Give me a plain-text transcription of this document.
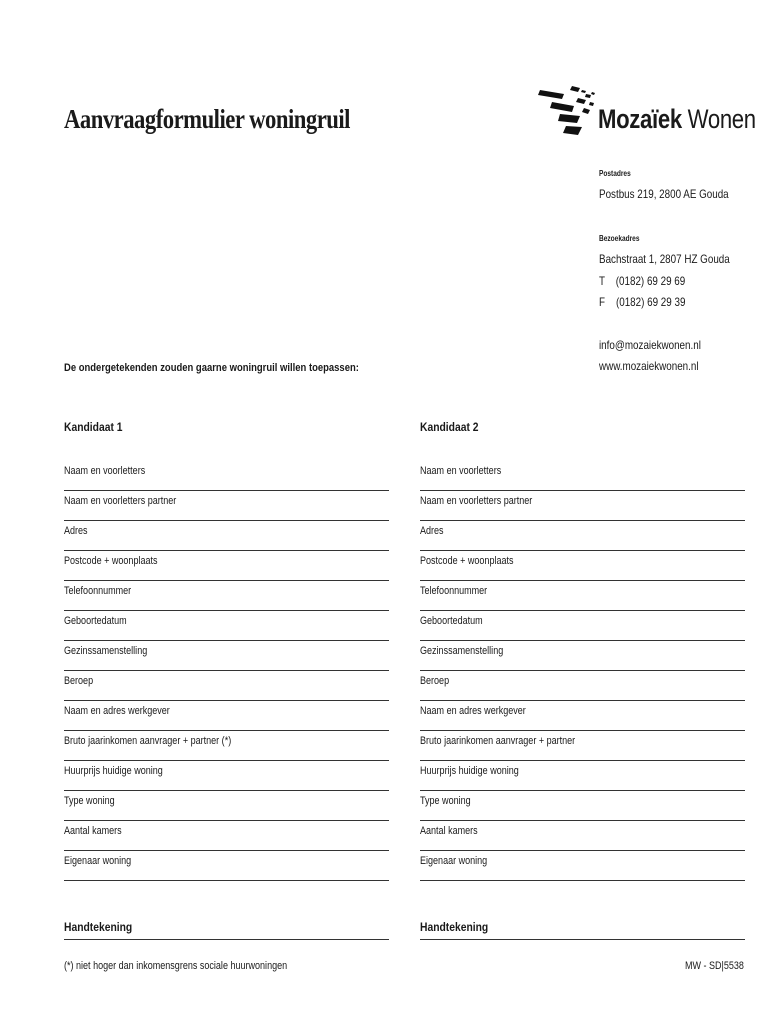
Aanvraagformulier woningruil	Mozaïek Wonen
Postadres
Postbus 219, 2800 AE Gouda
Bezoekadres
Bachstraat 1, 2807 HZ Gouda
T    (0182) 69 29 69
F    (0182) 69 29 39
info@mozaiekwonen.nl
www.mozaiekwonen.nl
De ondergetekenden zouden gaarne woningruil willen toepassen:
Kandidaat 1
Naam en voorletters
Naam en voorletters partner
Adres
Postcode + woonplaats
Telefoonnummer
Geboortedatum
Gezinssamenstelling
Beroep
Naam en adres werkgever
Bruto jaarinkomen aanvrager + partner (*)
Huurprijs huidige woning
Type woning
Aantal kamers
Eigenaar woning
Kandidaat 2
Naam en voorletters
Naam en voorletters partner
Adres
Postcode + woonplaats
Telefoonnummer
Geboortedatum
Gezinssamenstelling
Beroep
Naam en adres werkgever
Bruto jaarinkomen aanvrager + partner
Huurprijs huidige woning
Type woning
Aantal kamers
Eigenaar woning
Handtekening	Handtekening
(*) niet hoger dan inkomensgrens sociale huurwoningen	MW - SD|5538
